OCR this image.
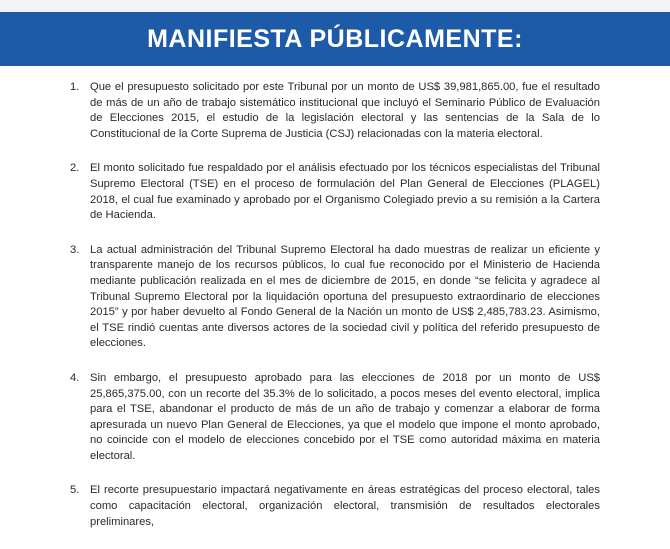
MANIFIESTA PÚBLICAMENTE:
1. Que el presupuesto solicitado por este Tribunal por un monto de US$ 39,981,865.00, fue el resultado de más de un año de trabajo sistemático institucional que incluyó el Seminario Público de Evaluación de Elecciones 2015, el estudio de la legislación electoral y las sentencias de la Sala de lo Constitucional de la Corte Suprema de Justicia (CSJ) relacionadas con la materia electoral.
2. El monto solicitado fue respaldado por el análisis efectuado por los técnicos especialistas del Tribunal Supremo Electoral (TSE) en el proceso de formulación del Plan General de Elecciones (PLAGEL) 2018, el cual fue examinado y aprobado por el Organismo Colegiado previo a su remisión a la Cartera de Hacienda.
3. La actual administración del Tribunal Supremo Electoral ha dado muestras de realizar un eficiente y transparente manejo de los recursos públicos, lo cual fue reconocido por el Ministerio de Hacienda mediante publicación realizada en el mes de diciembre de 2015, en donde “se felicita y agradece al Tribunal Supremo Electoral por la liquidación oportuna del presupuesto extraordinario de elecciones 2015” y por haber devuelto al Fondo General de la Nación un monto de US$ 2,485,783.23. Asimismo, el TSE rindió cuentas ante diversos actores de la sociedad civil y política del referido presupuesto de elecciones.
4. Sin embargo, el presupuesto aprobado para las elecciones de 2018 por un monto de US$ 25,865,375.00, con un recorte del 35.3% de lo solicitado, a pocos meses del evento electoral, implica para el TSE, abandonar el producto de más de un año de trabajo y comenzar a elaborar de forma apresurada un nuevo Plan General de Elecciones, ya que el modelo que impone el monto aprobado, no coincide con el modelo de elecciones concebido por el TSE como autoridad máxima en materia electoral.
5. El recorte presupuestario impactará negativamente en áreas estratégicas del proceso electoral, tales como capacitación electoral, organización electoral, transmisión de resultados electorales preliminares,
